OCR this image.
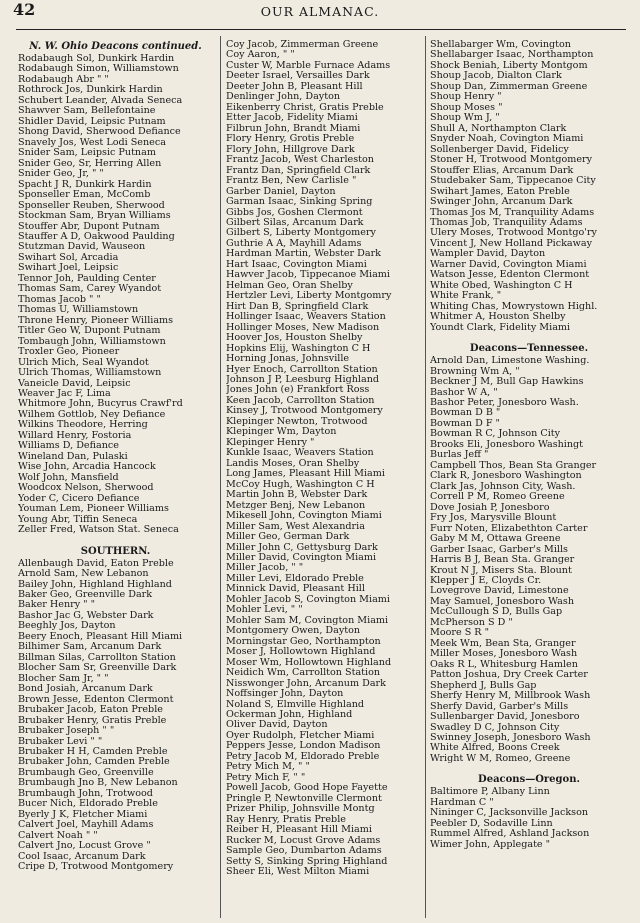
42	OUR ALMANAC.
N. W. Ohio Deacons continued.
Rodabaugh Sol, Dunkirk Hardin
Rodabaugh Simon, Williamstown
Rodabaugh Abr " "
Rothrock Jos, Dunkirk Hardin
Schubert Leander, Alvada Seneca
Shawver Sam, Bellefontaine
Shidler David, Leipsic Putnam
Shong David, Sherwood Defiance
Snavely Jos, West Lodi Seneca
Snider Sam, Leipsic Putnam
Snider Geo, Sr, Herring Allen
Snider Geo, Jr, " "
Spacht J R, Dunkirk Hardin
Sponseller Eman, McComb
Sponseller Reuben, Sherwood
Stockman Sam, Bryan Williams
Stouffer Abr, Dupont Putnam
Stauffer A D, Oakwood Paulding
Stutzman David, Wauseon
Swihart Sol, Arcadia
Swihart Joel, Leipsic
Tennor Joh, Paulding Center
Thomas Sam, Carey Wyandot
Thomas Jacob " "
Thomas U, Williamstown
Throne Henry, Pioneer Williams
Titler Geo W, Dupont Putnam
Tombaugh John, Williamstown
Troxler Geo, Pioneer
Ulrich Mich, Seal Wyandot
Ulrich Thomas, Williamstown
Vaneicle David, Leipsic
Weaver Jac F, Lima
Whitmore John, Bucyrus Crawf'rd
Wilhem Gottlob, Ney Defiance
Wilkins Theodore, Herring
Willard Henry, Fostoria
Williams D, Defiance
Wineland Dan, Pulaski
Wise John, Arcadia Hancock
Wolf John, Mansfield
Woodcox Nelson, Sherwood
Yoder C, Cicero Defiance
Youman Lem, Pioneer Williams
Young Abr, Tiffin Seneca
Zeller Fred, Watson Stat. Seneca
SOUTHERN.
Allenbaugh David, Eaton Preble
Arnold Sam, New Lebanon
Bailey John, Highland Highland
Baker Geo, Greenville Dark
Baker Henry " "
Bashor Jac G, Webster Dark
Beeghly Jos, Dayton
Beery Enoch, Pleasant Hill Miami
Bilhimer Sam, Arcanum Dark
Billman Silas, Carrollton Station
Blocher Sam Sr, Greenville Dark
Blocher Sam Jr, " "
Bond Josiah, Arcanum Dark
Brown Jesse, Edenton Clermont
Brubaker Jacob, Eaton Preble
Brubaker Henry, Gratis Preble
Brubaker Joseph " "
Brubaker Levi " "
Brubaker H H, Camden Preble
Brubaker John, Camden Preble
Brumbaugh Geo, Greenville
Brumbaugh Jno B, New Lebanon
Brumbaugh John, Trotwood
Bucer Nich, Eldorado Preble
Byerly J K, Fletcher Miami
Calvert Joel, Mayhill Adams
Calvert Noah " "
Calvert Jno, Locust Grove "
Cool Isaac, Arcanum Dark
Cripe D, Trotwood Montgomery
Coy Jacob, Zimmerman Greene
Coy Aaron, " "
Custer W, Marble Furnace Adams
Deeter Israel, Versailles Dark
Deeter John B, Pleasant Hill
Denlinger John, Dayton
Eikenberry Christ, Gratis Preble
Etter Jacob, Fidelity Miami
Filbrun John, Brandt Miami
Flory Henry, Grotis Preble
Flory John, Hillgrove Dark
Frantz Jacob, West Charleston
Frantz Dan, Springfield Clark
Frantz Ben, New Carlisle "
Garber Daniel, Dayton
Garman Isaac, Sinking Spring
Gibbs Jos, Goshen Clermont
Gilbert Silas, Arcanum Dark
Gilbert S, Liberty Montgomery
Guthrie A A, Mayhill Adams
Hardman Martin, Webster Dark
Hart Isaac, Covington Miami
Hawver Jacob, Tippecanoe Miami
Helman Geo, Oran Shelby
Hertzler Levi, Liberty Montgomry
Hirt Dan B, Springfield Clark
Hollinger Isaac, Weavers Station
Hollinger Moses, New Madison
Hoover Jos, Houston Shelby
Hopkins Elij, Washington C H
Horning Jonas, Johnsville
Hyer Enoch, Carrollton Station
Johnson J P, Leesburg Highland
Jones John (e) Frankfort Ross
Keen Jacob, Carrollton Station
Kinsey J, Trotwood Montgomery
Klepinger Newton, Trotwood
Klepinger Wm, Dayton
Klepinger Henry "
Kunkle Isaac, Weavers Station
Landis Moses, Oran Shelby
Long James, Pleasant Hill Miami
McCoy Hugh, Washington C H
Martin John B, Webster Dark
Metzger Benj, New Lebanon
Mikesell John, Covington Miami
Miller Sam, West Alexandria
Miller Geo, German Dark
Miller John C, Gettysburg Dark
Miller David, Covington Miami
Miller Jacob, " "
Miller Levi, Eldorado Preble
Minnick David, Pleasant Hill
Mohler Jacob S, Covington Miami
Mohler Levi, " "
Mohler Sam M, Covington Miami
Montgomery Owen, Dayton
Morningstar Geo, Northampton
Moser J, Hollowtown Highland
Moser Wm, Hollowtown Highland
Neidich Wm, Carrollton Station
Nisswonger John, Arcanum Dark
Noffsinger John, Dayton
Noland S, Elmville Highland
Ockerman John, Highland
Oliver David, Dayton
Oyer Rudolph, Fletcher Miami
Peppers Jesse, London Madison
Petry Jacob M, Eldorado Preble
Petry Mich M, " "
Petry Mich F, " "
Powell Jacob, Good Hope Fayette
Pringle P, Newtonville Clermont
Prizer Philip, Johnsville Montg
Ray Henry, Pratis Preble
Reiber H, Pleasant Hill Miami
Rucker M, Locust Grove Adams
Sample Geo, Dumbarton Adams
Setty S, Sinking Spring Highland
Sheer Eli, West Milton Miami
Shellabarger Wm, Covington
Shellabarger Isaac, Northampton
Shock Beniah, Liberty Montgom
Shoup Jacob, Dialton Clark
Shoup Dan, Zimmerman Greene
Shoup Henry "
Shoup Moses "
Shoup Wm J, "
Shull A, Northampton Clark
Snyder Noah, Covington Miami
Sollenberger David, Fidelicy
Stoner H, Trotwood Montgomery
Stouffer Elias, Arcanum Dark
Studebaker Sam, Tippecanoe City
Swihart James, Eaton Preble
Swinger John, Arcanum Dark
Thomas Jos M, Tranquility Adams
Thomas Job, Tranquility Adams
Ulery Moses, Trotwood Montgo'ry
Vincent J, New Holland Pickaway
Wampler David, Dayton
Warner David, Covington Miami
Watson Jesse, Edenton Clermont
White Obed, Washington C H
White Frank, "
Whiting Chas, Mowrystown Highl.
Whitmer A, Houston Shelby
Youndt Clark, Fidelity Miami
Deacons—Tennessee.
Arnold Dan, Limestone Washing.
Browning Wm A, "
Beckner J M, Bull Gap Hawkins
Bashor W A, "
Bashor Peter, Jonesboro Wash.
Bowman D B "
Bowman D F "
Bowman R C, Johnson City
Brooks Eli, Jonesboro Washingt
Burlas Jeff "
Campbell Thos, Bean Sta Granger
Clark R, Jonesboro Washington
Clark Jas, Johnson City, Wash.
Correll P M, Romeo Greene
Dove Josiah P, Jonesboro
Fry Jos, Marysville Blount
Furr Noten, Elizabethton Carter
Gaby M M, Ottawa Greene
Garber Isaac, Garber's Mills
Harris B J, Bean Sta. Granger
Krout N J, Misers Sta. Blount
Klepper J E, Cloyds Cr.
Lovegrove David, Limestone
May Samuel, Jonesboro Wash
McCullough S D, Bulls Gap
McPherson S D "
Moore S R "
Meek Wm, Bean Sta, Granger
Miller Moses, Jonesboro Wash
Oaks R L, Whitesburg Hamlen
Patton Joshua, Dry Creek Carter
Shepherd J, Bulls Gap
Sherfy Henry M, Millbrook Wash
Sherfy David, Garber's Mills
Sullenbarger David, Jonesboro
Swadley D C, Johnson City
Swinney Joseph, Jonesboro Wash
White Alfred, Boons Creek
Wright W M, Romeo, Greene
Deacons—Oregon.
Baltimore P, Albany Linn
Hardman C "
Nininger C, Jacksonville Jackson
Peebler D, Sodaville Linn
Rummel Alfred, Ashland Jackson
Wimer John, Applegate "
